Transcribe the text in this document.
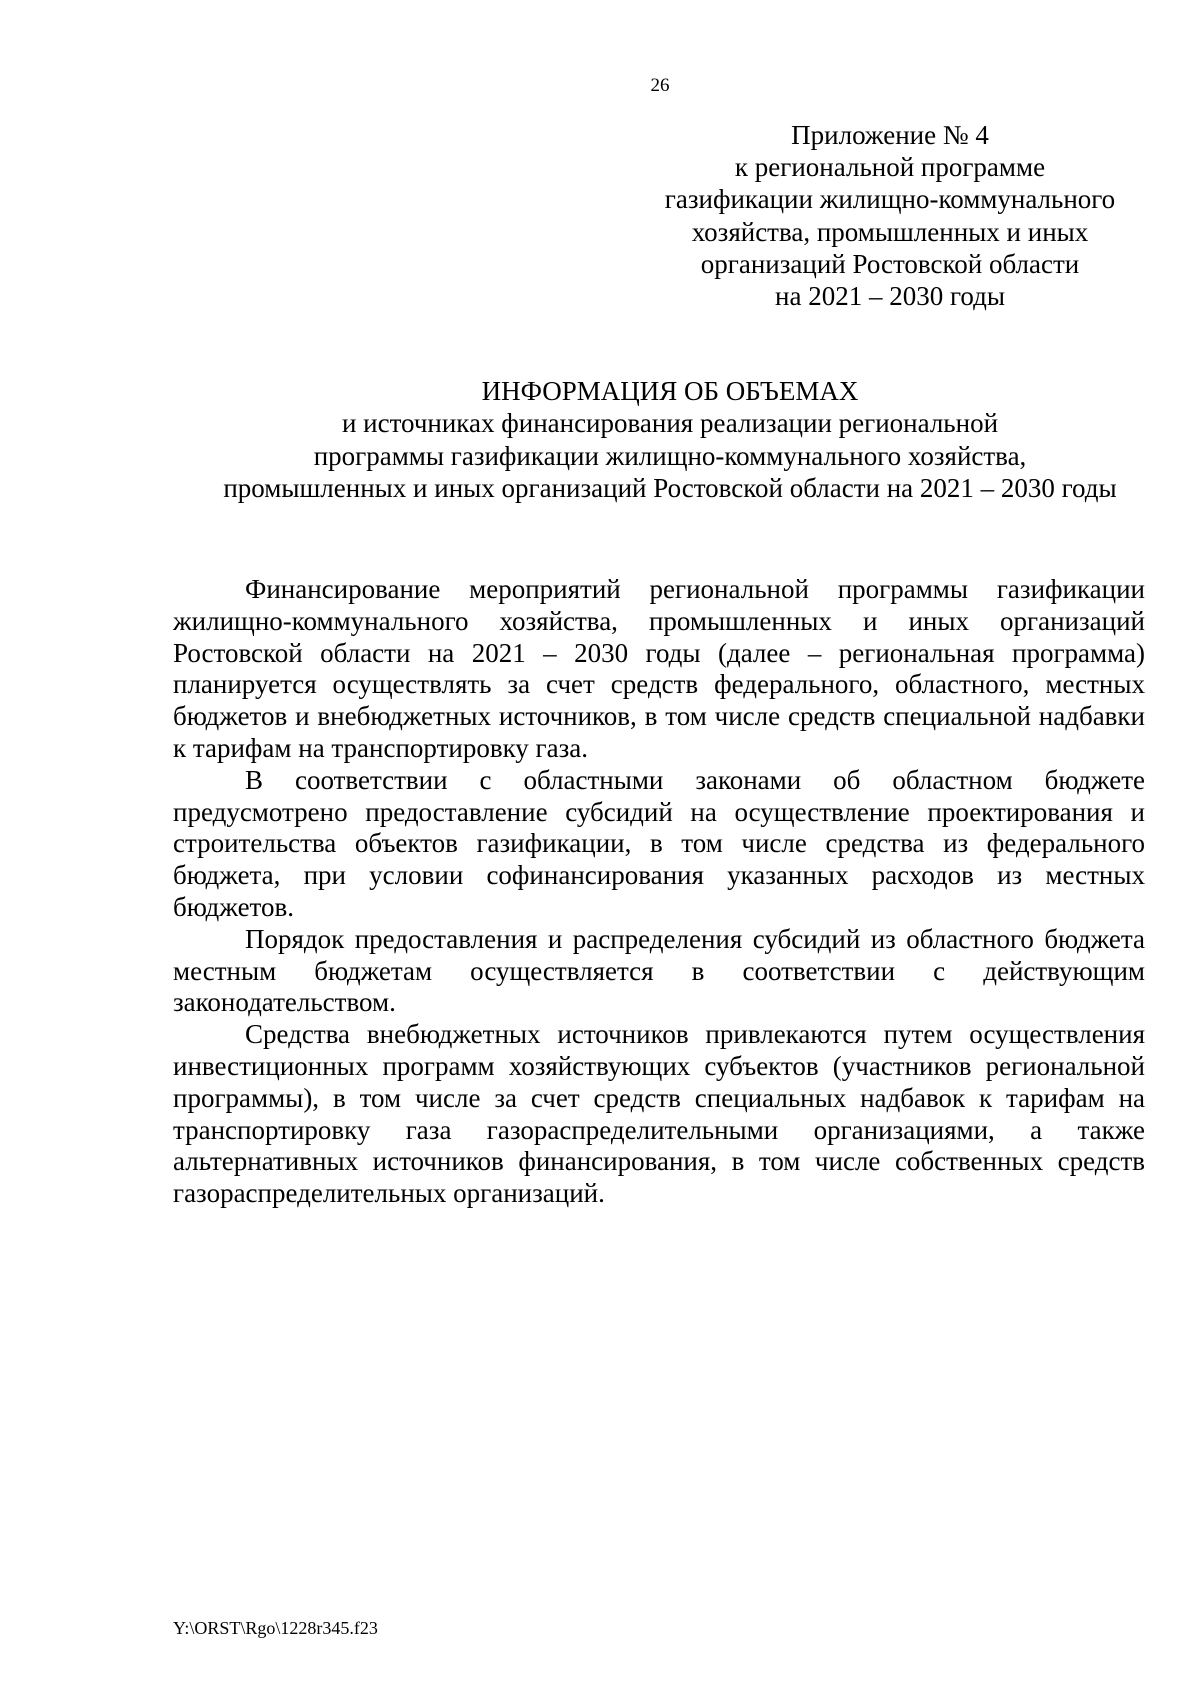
26
Приложение № 4
к региональной программе
газификации жилищно-коммунального
хозяйства, промышленных и иных
организаций Ростовской области
на 2021 – 2030 годы
ИНФОРМАЦИЯ ОБ ОБЪЕМАХ
и источниках финансирования реализации региональной
программы газификации жилищно-коммунального хозяйства,
промышленных и иных организаций Ростовской области на 2021 – 2030 годы

Финансирование мероприятий региональной программы газификации жилищно-коммунального хозяйства, промышленных и иных организаций Ростовской области на 2021 – 2030 годы (далее – региональная программа) планируется осуществлять за счет средств федерального, областного, местных бюджетов и внебюджетных источников, в том числе средств специальной надбавки к тарифам на транспортировку газа.

В соответствии с областными законами об областном бюджете предусмотрено предоставление субсидий на осуществление проектирования и строительства объектов газификации, в том числе средства из федерального бюджета, при условии софинансирования указанных расходов из местных бюджетов.

Порядок предоставления и распределения субсидий из областного бюджета местным бюджетам осуществляется в соответствии с действующим законодательством.

Средства внебюджетных источников привлекаются путем осуществления инвестиционных программ хозяйствующих субъектов (участников региональной программы), в том числе за счет средств специальных надбавок к тарифам на транспортировку газа газораспределительными организациями, а также альтернативных источников финансирования, в том числе собственных средств газораспределительных организаций.

Y:\ORST\Rgo\1228r345.f23
